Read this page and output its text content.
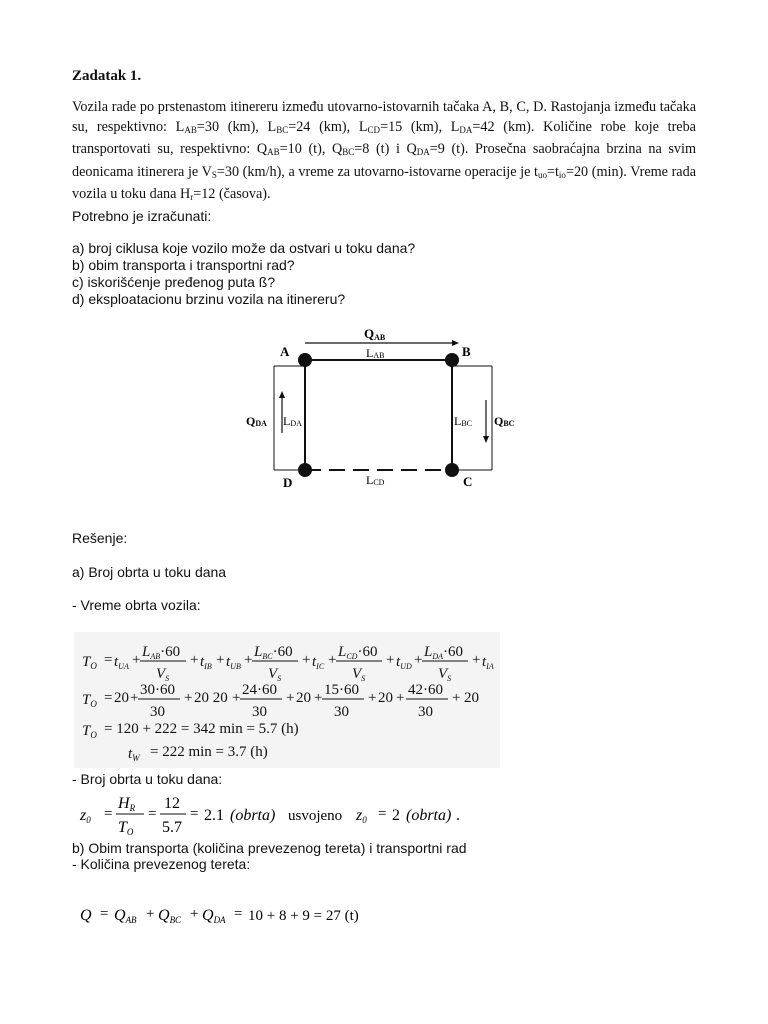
Zadatak 1.
Vozila rade po prstenastom itinereru između utovarno-istovarnih tačaka A, B, C, D. Rastojanja između tačaka su, respektivno: $L_{AB}=30$ (km), $L_{BC}=24$ (km), $L_{CD}=15$ (km), $L_{DA}=42$ (km). Količine robe koje treba transportovati su, respektivno: $Q_{AB}=10$ (t), $Q_{BC}=8$ (t) i $Q_{DA}=9$ (t). Prosečna saobraćajna brzina na svim deonicama itinerera je $V_S=30$ (km/h), a vreme za utovarno-istovarne operacije je $t_{uo}=t_{io}=20$ (min). Vreme rada vozila u toku dana $H_r=12$ (časova).
Potrebno je izračunati:
a) broj ciklusa koje vozilo može da ostvari u toku dana?
b) obim transporta i transportni rad?
c) iskorišćenje pređenog puta ß?
d) eksploatacionu brzinu vozila na itinereru?
QAB
LAB
LCD
QDA LDA	LBC QBC
A	B
C
D
Rešenje:
a) Broj obrta u toku dana
- Vreme obrta vozila:
$T_O = t_{UA} + L_{AB}\cdot 60$
$V_S$
+ $t_{IB} + t_{UB} + L_{BC}\cdot 60$
$V_S$
+ $t_{IC} + L_{CD}\cdot 60$
$V_S$
+ $t_{UD} + L_{DA}\cdot 60$
$V_S$
+ $t_{IA}$
$T_O = 20 + 30\cdot 60$
30
+ 20 20 + 24·60
30
+ 20 + 15·60
30
+ 20 + 42·60
30
+ 20
$T_O = 120 + 222 = 342$ min = 5.7 (h)
$t_W = 222$ min = 3.7 (h)
- Broj obrta u toku dana:
z0 =
HR
TO
=
12
5.7
= 2.1 (obrta) usvojeno z0 = 2 (obrta) .
b) Obim transporta (količina prevezenog tereta) i transportni rad
- Količina prevezenog tereta:
Q = QAB + QBC + QDA = 10 + 8 + 9 = 27 (t)
